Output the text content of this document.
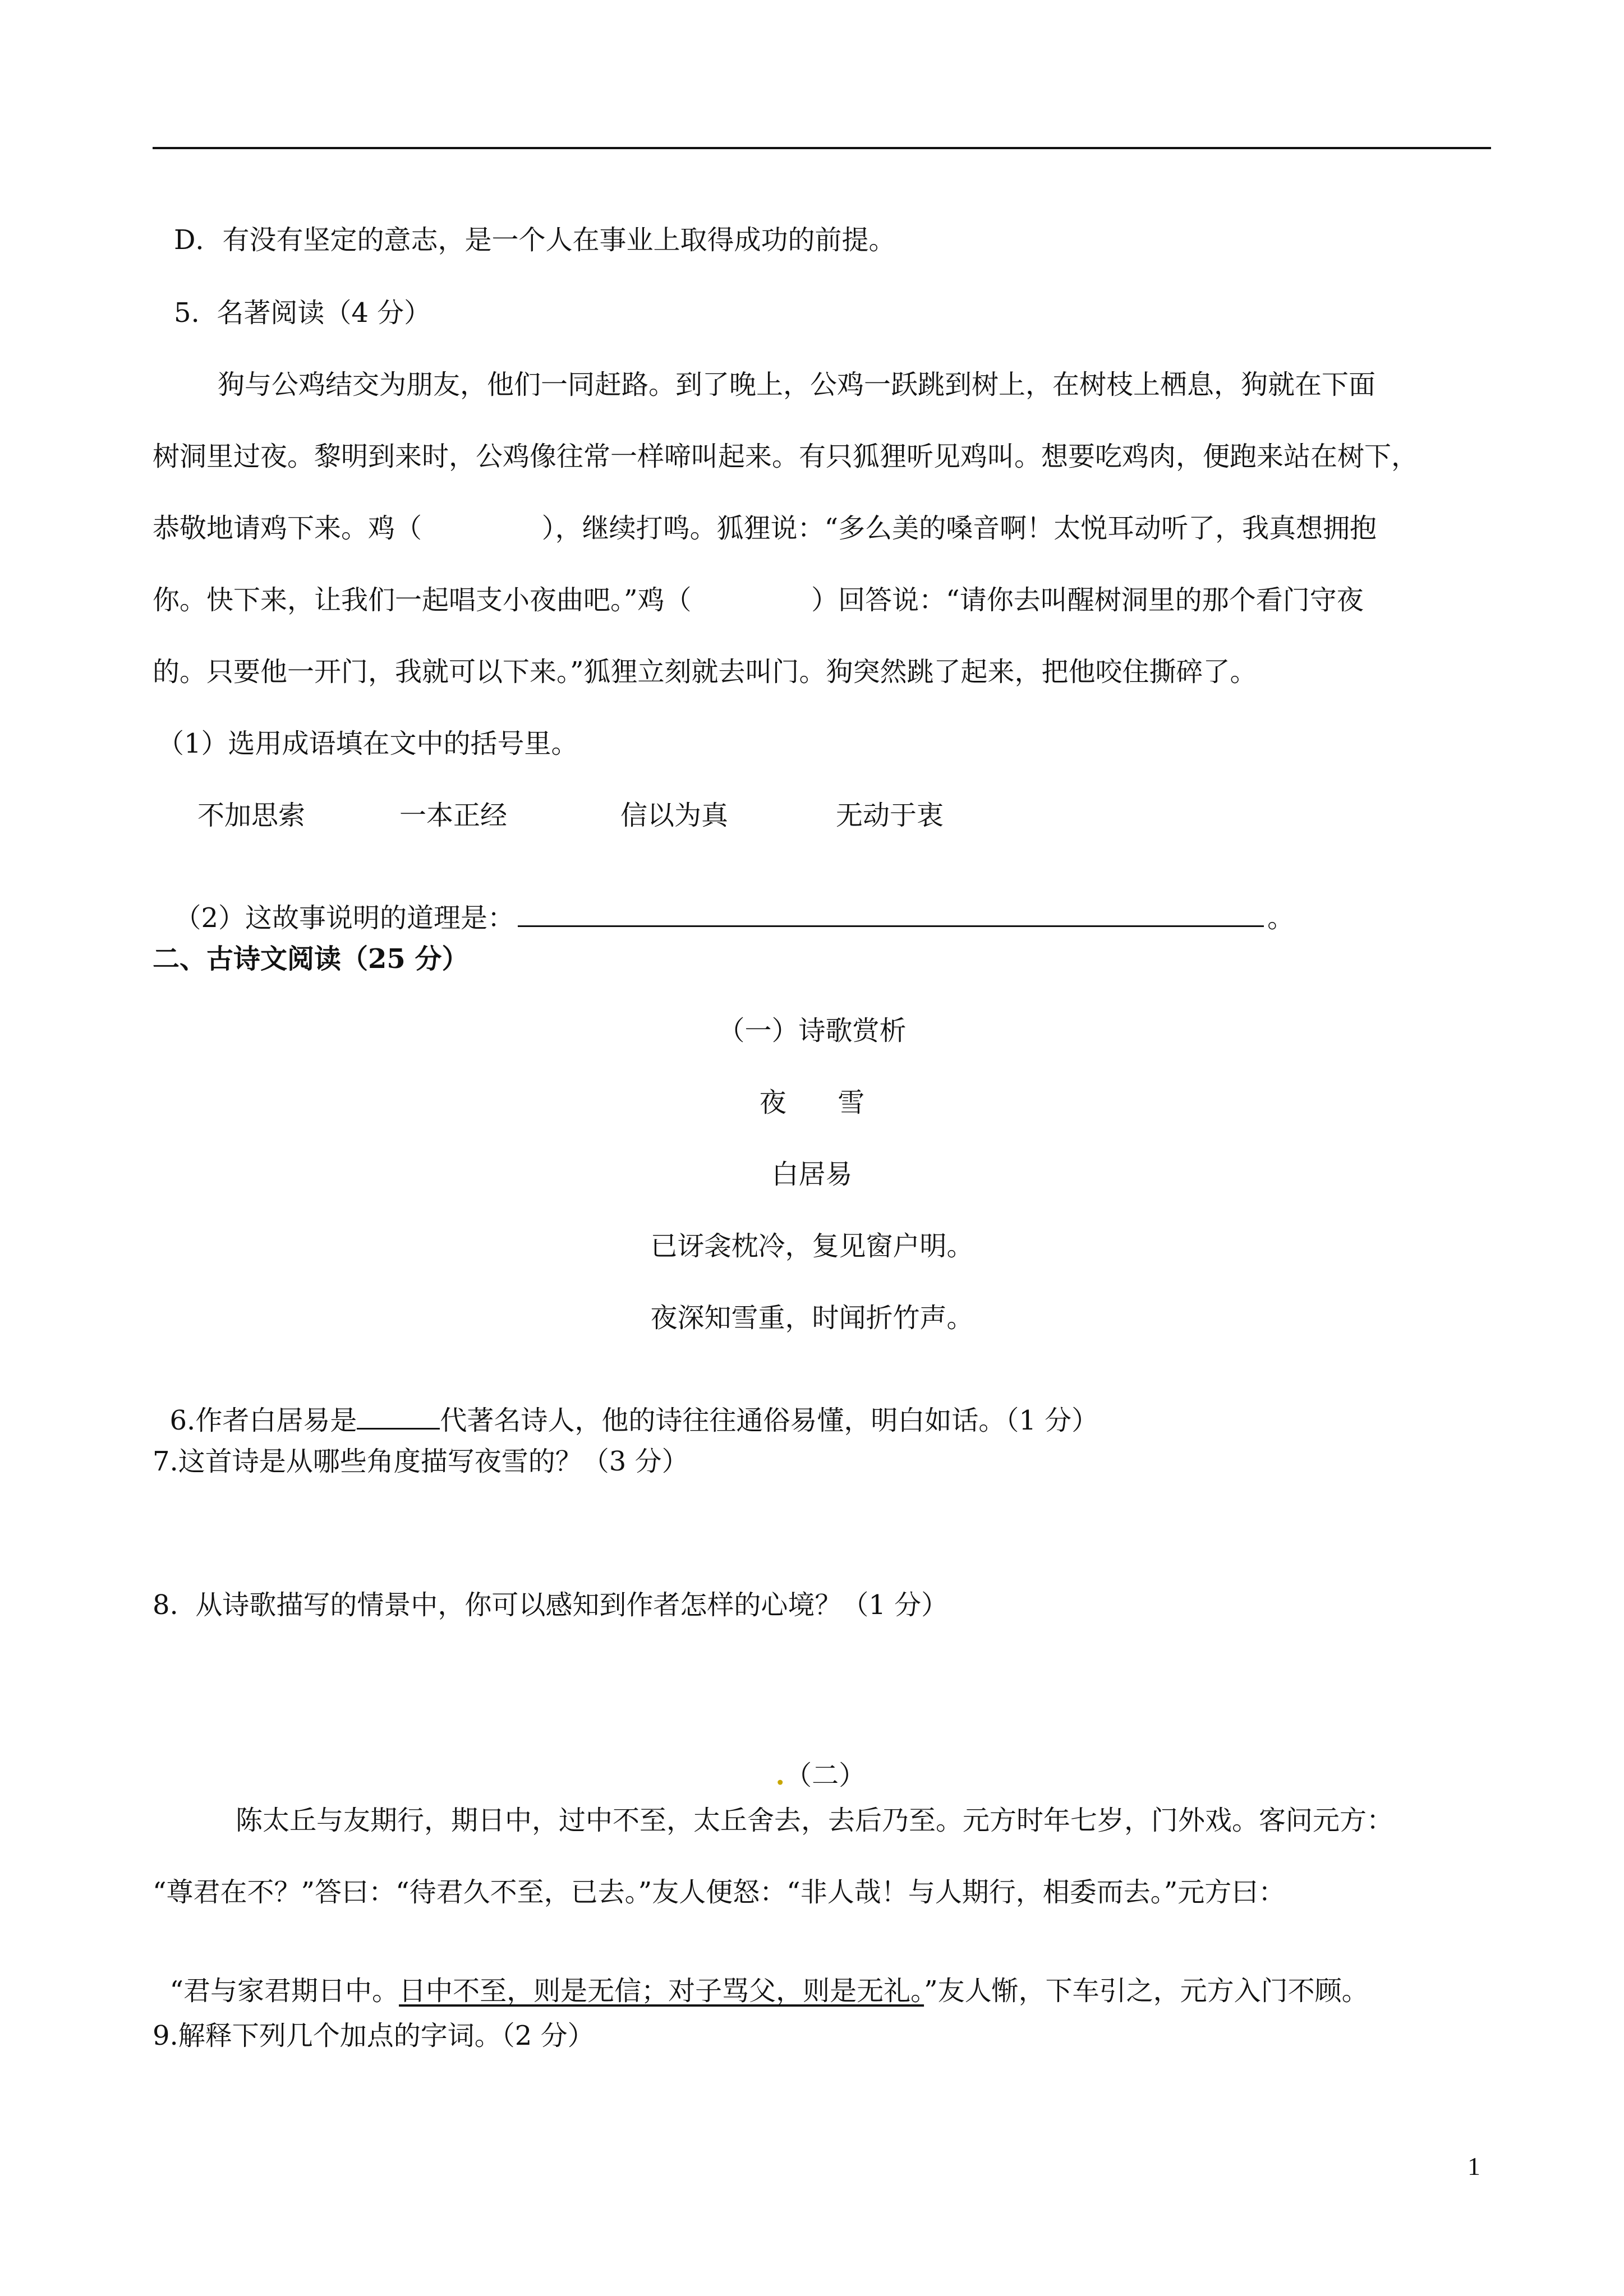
D．有没有坚定的意志，是一个人在事业上取得成功的前提。
5.  名著阅读（4 分）
狗与公鸡结交为朋友，他们一同赶路。到了晚上，公鸡一跃跳到树上，在树枝上栖息，狗就在下面
树洞里过夜。黎明到来时，公鸡像往常一样啼叫起来。有只狐狸听见鸡叫。想要吃鸡肉，便跑来站在树下，
恭敬地请鸡下来。鸡（              ），继续打鸣。狐狸说：“多么美的嗓音啊！太悦耳动听了，我真想拥抱
你。快下来，让我们一起唱支小夜曲吧。”鸡（              ）回答说：“请你去叫醒树洞里的那个看门守夜
的。只要他一开门，我就可以下来。”狐狸立刻就去叫门。狗突然跳了起来，把他咬住撕碎了。
（1）选用成语填在文中的括号里。
不加思索	一本正经	信以为真	无动于衷

（2）这故事说明的道理是：	。

二、古诗文阅读（25 分）
（一）诗歌赏析
夜      雪
白居易
已讶衾枕冷，复见窗户明。
夜深知雪重，时闻折竹声。

6.作者白居易是	代著名诗人，他的诗往往通俗易懂，明白如话。（1 分）

7.这首诗是从哪些角度描写夜雪的？（3 分）
8.  从诗歌描写的情景中，你可以感知到作者怎样的心境？（1 分）

.（二）

陈太丘与友期行，期日中，过中不至，太丘舍去，去后乃至。元方时年七岁，门外戏。客问元方：
“尊君在不？”答曰：“待君久不至，已去。”友人便怒：“非人哉！与人期行，相委而去。”元方曰：

“君与家君期日中。日中不至，则是无信；对子骂父，则是无礼。”友人惭，下车引之，元方入门不顾。

9.解释下列几个加点的字词。（2 分）
1
